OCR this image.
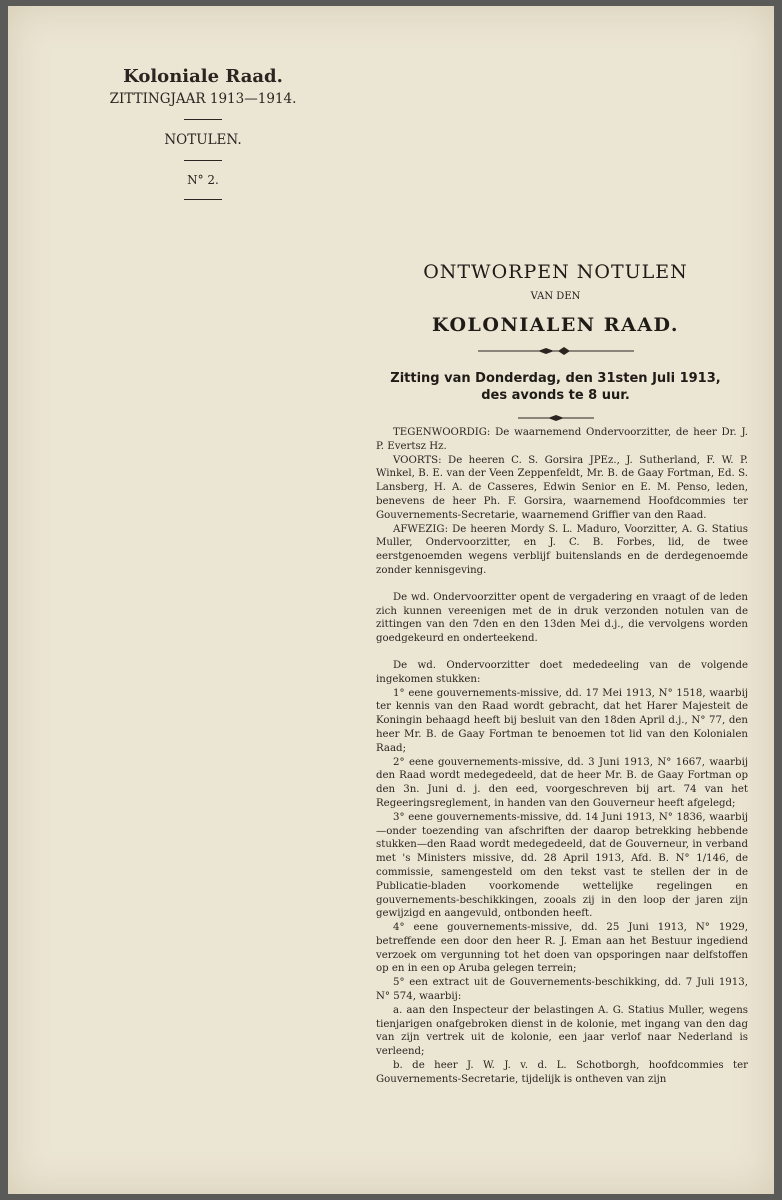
Koloniale Raad.
ZITTINGJAAR 1913—1914.
NOTULEN.
N° 2.
ONTWORPEN NOTULEN
VAN DEN
KOLONIALEN RAAD.
Zitting van Donderdag, den 31sten Juli 1913,
des avonds te 8 uur.

TEGENWOORDIG: De waarnemend Ondervoorzitter, de heer Dr. J. P. Evertsz Hz.

VOORTS: De heeren C. S. Gorsira JPEz., J. Sutherland, F. W. P. Winkel, B. E. van der Veen Zeppenfeldt, Mr. B. de Gaay Fortman, Ed. S. Lansberg, H. A. de Casseres, Edwin Senior en E. M. Penso, leden, benevens de heer Ph. F. Gorsira, waarnemend Hoofdcommies ter Gouvernements-Secretarie, waarnemend Griffier van den Raad.

AFWEZIG: De heeren Mordy S. L. Maduro, Voorzitter, A. G. Statius Muller, Ondervoorzitter, en J. C. B. Forbes, lid, de twee eerstgenoemden wegens verblijf buitenslands en de derdegenoemde zonder kennisgeving.

De wd. Ondervoorzitter opent de vergadering en vraagt of de leden zich kunnen vereenigen met de in druk verzonden notulen van de zittingen van den 7den en den 13den Mei d.j., die vervolgens worden goedgekeurd en onderteekend.

De wd. Ondervoorzitter doet mededeeling van de volgende ingekomen stukken:

1° eene gouvernements-missive, dd. 17 Mei 1913, N° 1518, waarbij ter kennis van den Raad wordt gebracht, dat het Harer Majesteit de Koningin behaagd heeft bij besluit van den 18den April d.j., N° 77, den heer Mr. B. de Gaay Fortman te benoemen tot lid van den Kolonialen Raad;

2° eene gouvernements-missive, dd. 3 Juni 1913, N° 1667, waarbij den Raad wordt medegedeeld, dat de heer Mr. B. de Gaay Fortman op den 3n. Juni d. j. den eed, voorgeschreven bij art. 74 van het Regeeringsreglement, in handen van den Gouverneur heeft afgelegd;

3° eene gouvernements-missive, dd. 14 Juni 1913, N° 1836, waarbij—onder toezending van afschriften der daarop betrekking hebbende stukken—den Raad wordt medegedeeld, dat de Gouverneur, in verband met 's Ministers missive, dd. 28 April 1913, Afd. B. N° 1/146, de commissie, samengesteld om den tekst vast te stellen der in de Publicatie-bladen voorkomende wettelijke regelingen en gouvernements-beschikkingen, zooals zij in den loop der jaren zijn gewijzigd en aangevuld, ontbonden heeft.

4° eene gouvernements-missive, dd. 25 Juni 1913, N° 1929, betreffende een door den heer R. J. Eman aan het Bestuur ingediend verzoek om vergunning tot het doen van opsporingen naar delfstoffen op en in een op Aruba gelegen terrein;

5° een extract uit de Gouvernements-beschikking, dd. 7 Juli 1913, N° 574, waarbij:

a. aan den Inspecteur der belastingen A. G. Statius Muller, wegens tienjarigen onafgebroken dienst in de kolonie, met ingang van den dag van zijn vertrek uit de kolonie, een jaar verlof naar Nederland is verleend;

b. de heer J. W. J. v. d. L. Schotborgh, hoofdcommies ter Gouvernements-Secretarie, tijdelijk is ontheven van zijn
